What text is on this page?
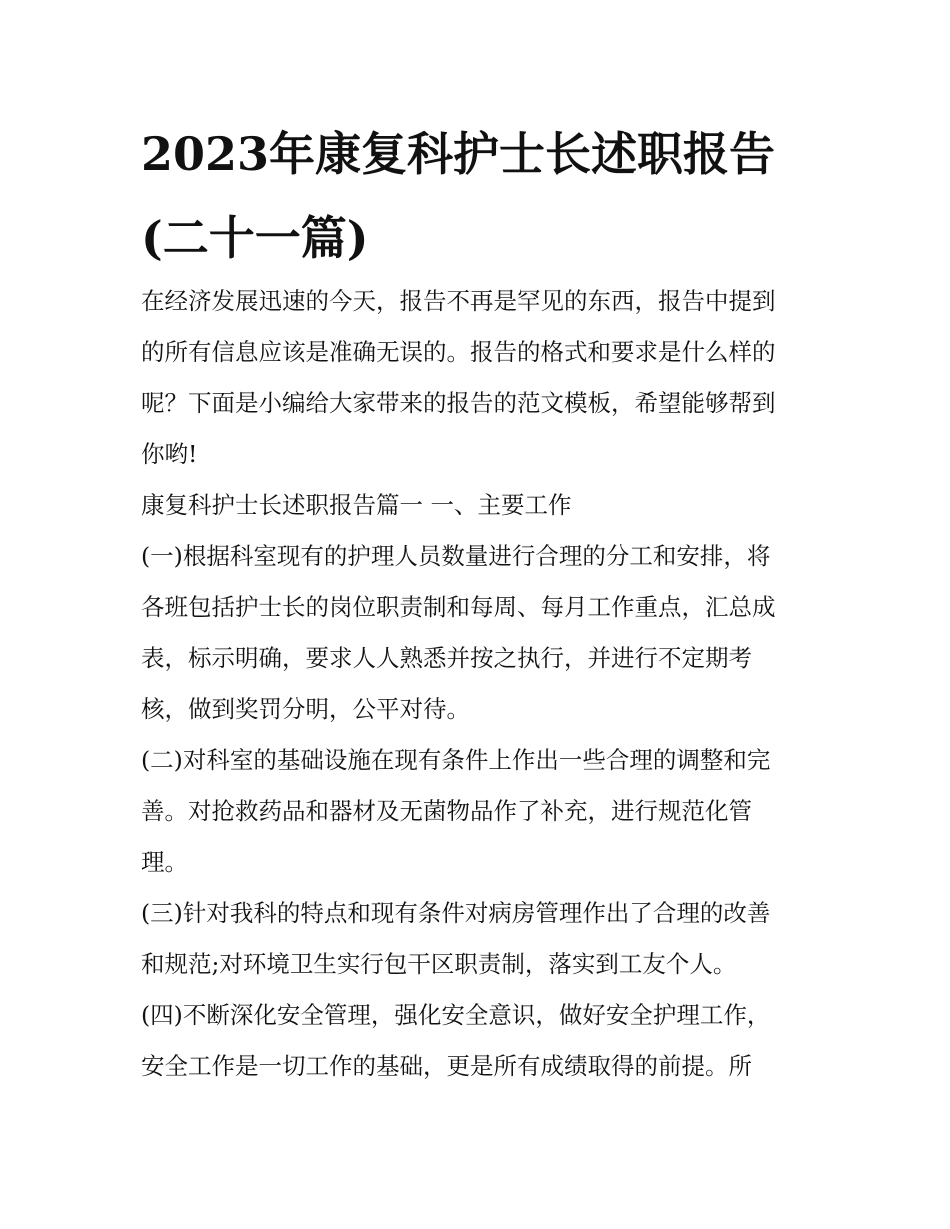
2023年康复科护士长述职报告
(二十一篇)
在经济发展迅速的今天，报告不再是罕见的东西，报告中提到
的所有信息应该是准确无误的。报告的格式和要求是什么样的
呢？下面是小编给大家带来的报告的范文模板，希望能够帮到
你哟!
康复科护士长述职报告篇一 一、主要工作
(一)根据科室现有的护理人员数量进行合理的分工和安排，将
各班包括护士长的岗位职责制和每周、每月工作重点，汇总成
表，标示明确，要求人人熟悉并按之执行，并进行不定期考
核，做到奖罚分明，公平对待。
(二)对科室的基础设施在现有条件上作出一些合理的调整和完
善。对抢救药品和器材及无菌物品作了补充，进行规范化管
理。
(三)针对我科的特点和现有条件对病房管理作出了合理的改善
和规范;对环境卫生实行包干区职责制，落实到工友个人。
(四)不断深化安全管理，强化安全意识，做好安全护理工作，
安全工作是一切工作的基础，更是所有成绩取得的前提。所
